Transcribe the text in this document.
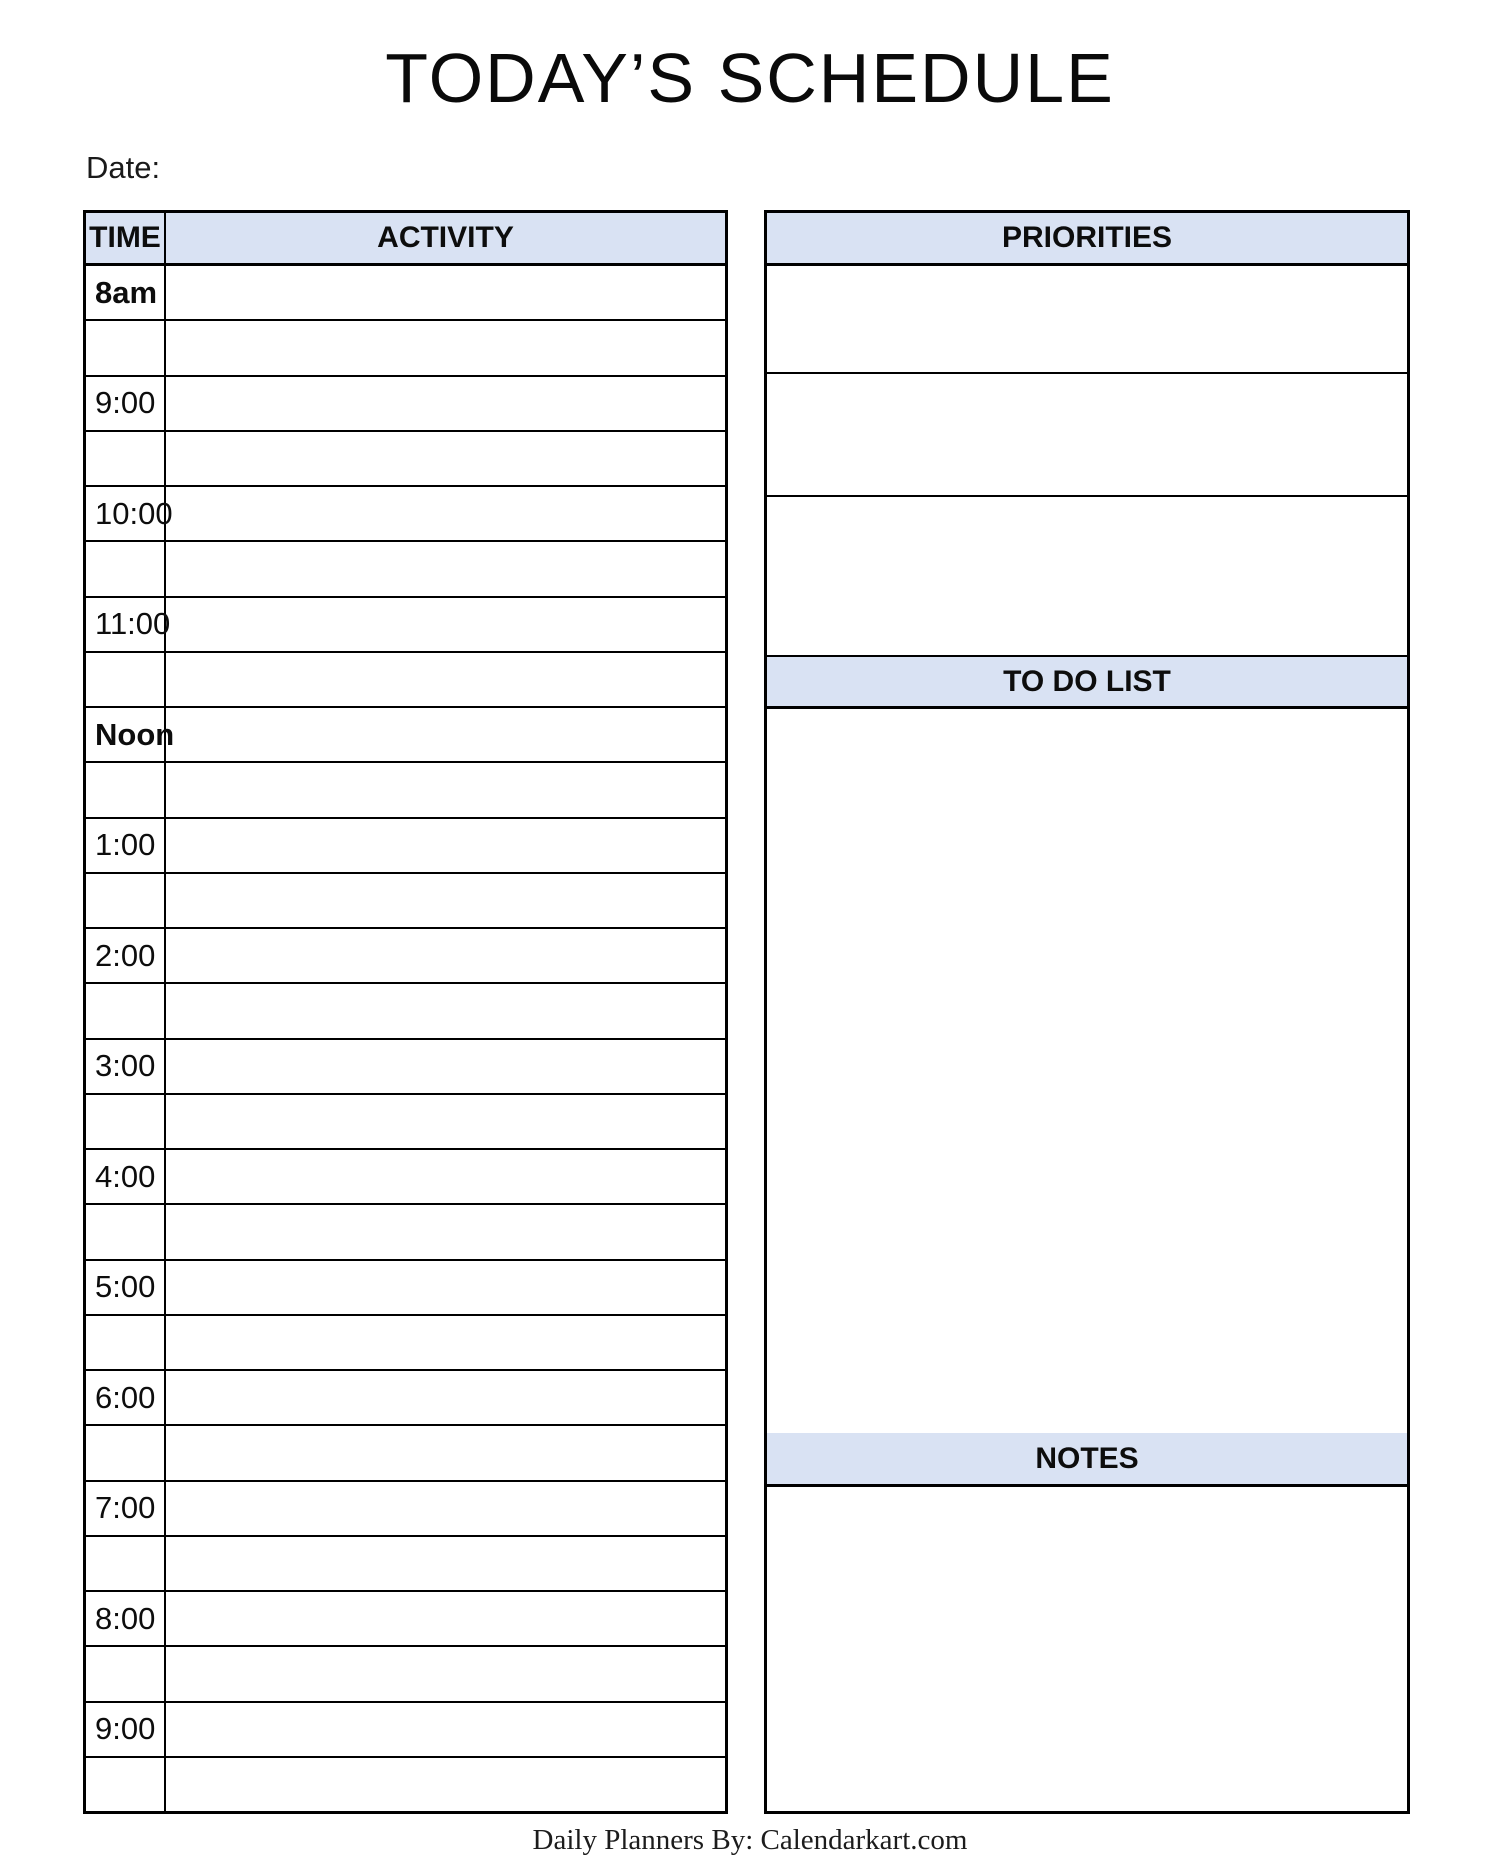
TODAY’S SCHEDULE
Date:
TIME	ACTIVITY
8am
9:00
10:00
11:00
Noon
1:00
2:00
3:00
4:00
5:00
6:00
7:00
8:00
9:00
PRIORITIES
TO DO LIST
NOTES
Daily Planners By: Calendarkart.com
